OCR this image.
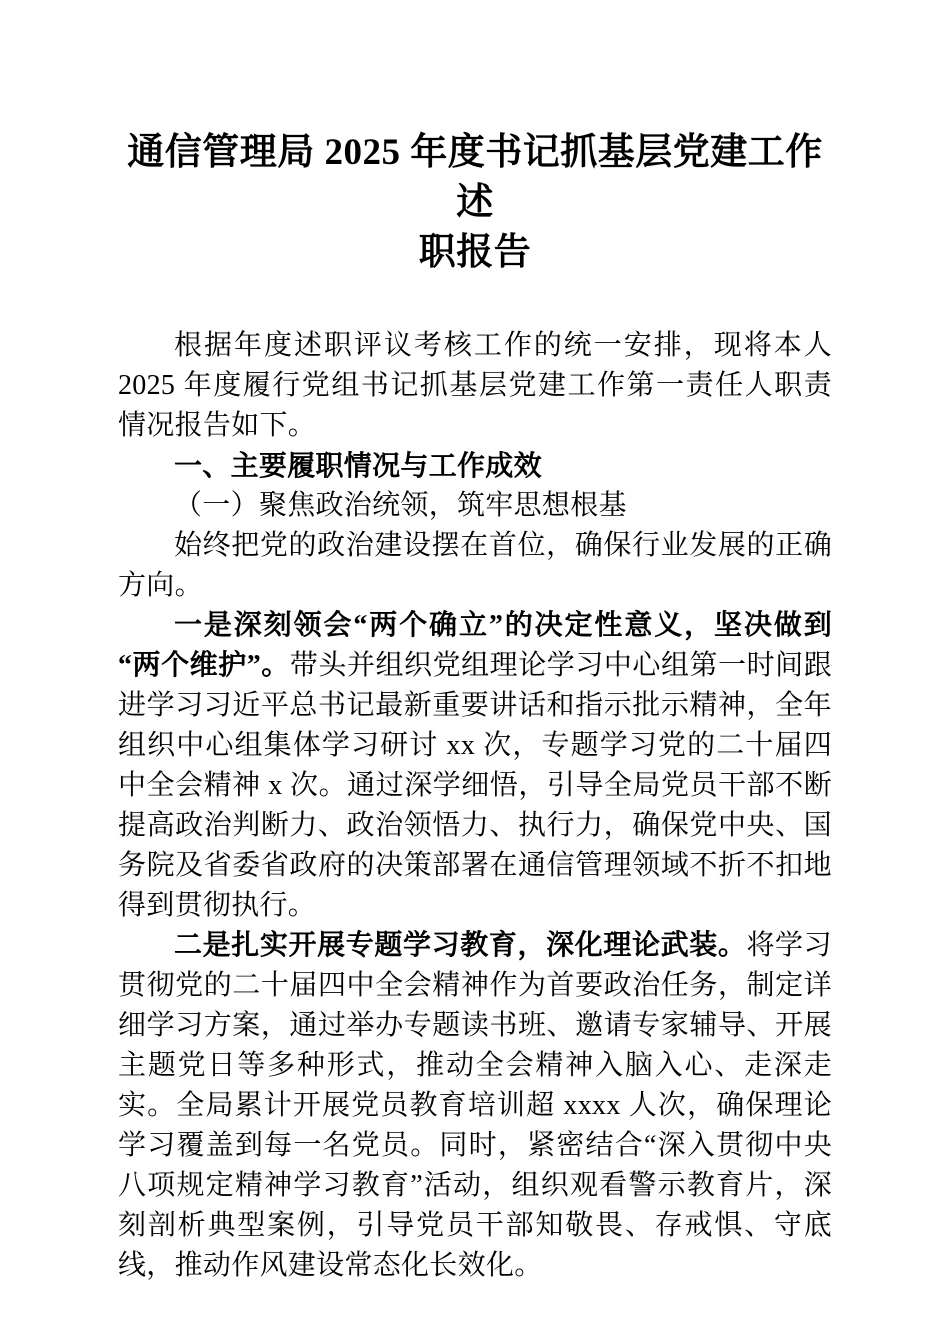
通信管理局 2025 年度书记抓基层党建工作述
职报告

根据年度述职评议考核工作的统一安排，现将本人 2025 年度履行党组书记抓基层党建工作第一责任人职责情况报告如下。

一、主要履职情况与工作成效

（一）聚焦政治统领，筑牢思想根基

始终把党的政治建设摆在首位，确保行业发展的正确方向。

一是深刻领会“两个确立”的决定性意义，坚决做到“两个维护”。带头并组织党组理论学习中心组第一时间跟进学习习近平总书记最新重要讲话和指示批示精神，全年组织中心组集体学习研讨 xx 次，专题学习党的二十届四中全会精神 x 次。通过深学细悟，引导全局党员干部不断提高政治判断力、政治领悟力、执行力，确保党中央、国务院及省委省政府的决策部署在通信管理领域不折不扣地得到贯彻执行。

二是扎实开展专题学习教育，深化理论武装。将学习贯彻党的二十届四中全会精神作为首要政治任务，制定详细学习方案，通过举办专题读书班、邀请专家辅导、开展主题党日等多种形式，推动全会精神入脑入心、走深走实。全局累计开展党员教育培训超 xxxx 人次，确保理论学习覆盖到每一名党员。同时，紧密结合“深入贯彻中央八项规定精神学习教育”活动，组织观看警示教育片，深刻剖析典型案例，引导党员干部知敬畏、存戒惧、守底线，推动作风建设常态化长效化。
